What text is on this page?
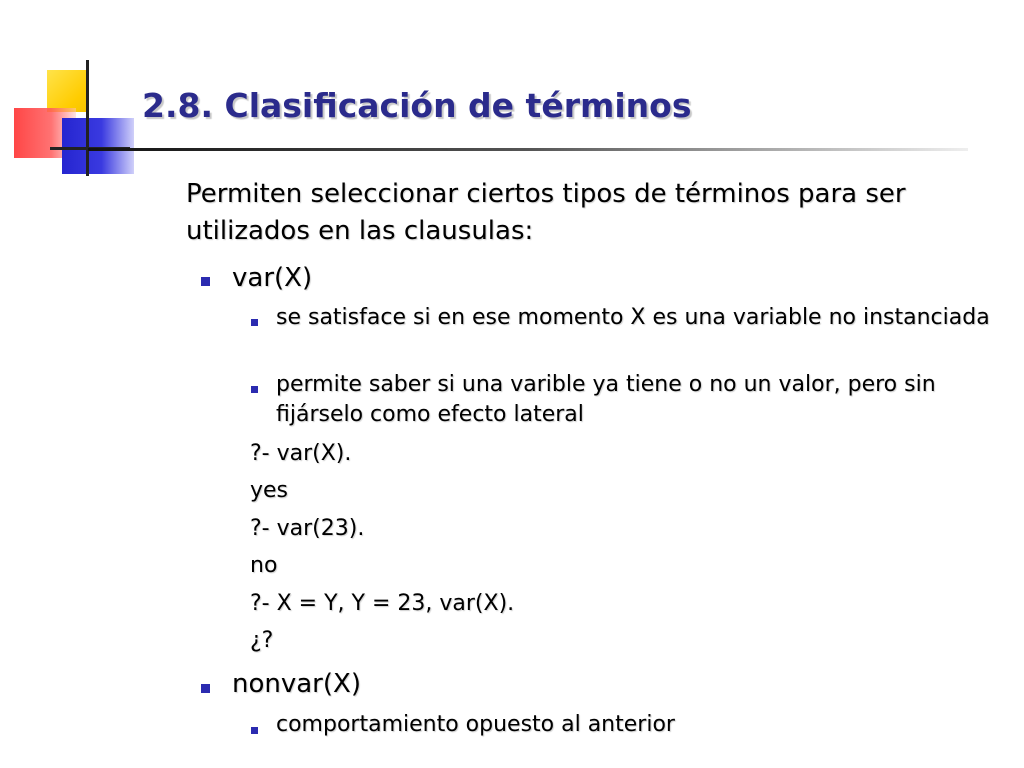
2.8. Clasificación de términos
Permiten seleccionar ciertos tipos de términos para ser utilizados en las clausulas:
var(X)
se satisface si en ese momento X es una variable no instanciada
permite saber si una varible ya tiene o no un valor, pero sin fijárselo como efecto lateral
?- var(X).
yes
?- var(23).
no
?- X = Y, Y = 23, var(X).
¿?
nonvar(X)
comportamiento opuesto al anterior
